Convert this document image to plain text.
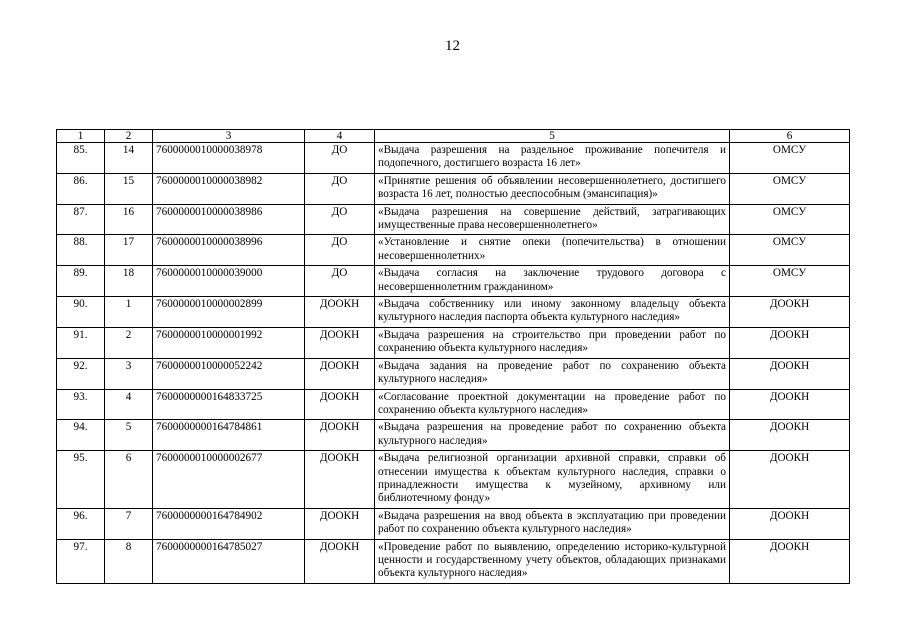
12
1	2	3	4	5	6
85.	14	7600000010000038978	ДО	«Выдача разрешения на раздельное проживание попечителя и подопечного, достигшего возраста 16 лет»	ОМСУ
86.	15	7600000010000038982	ДО	«Принятие решения об объявлении несовершеннолетнего, достигшего возраста 16 лет, полностью дееспособным (эмансипация)»	ОМСУ
87.	16	7600000010000038986	ДО	«Выдача разрешения на совершение действий, затрагивающих имущественные права несовершеннолетнего»	ОМСУ
88.	17	7600000010000038996	ДО	«Установление и снятие опеки (попечительства) в отношении несовершеннолетних»	ОМСУ
89.	18	7600000010000039000	ДО	«Выдача согласия на заключение трудового договора с несовершеннолетним гражданином»	ОМСУ
90.	1	7600000010000002899	ДООКН	«Выдача собственнику или иному законному владельцу объекта культурного наследия паспорта объекта культурного наследия»	ДООКН
91.	2	7600000010000001992	ДООКН	«Выдача разрешения на строительство при проведении работ по сохранению объекта культурного наследия»	ДООКН
92.	3	7600000010000052242	ДООКН	«Выдача задания на проведение работ по сохранению объекта культурного наследия»	ДООКН
93.	4	7600000000164833725	ДООКН	«Согласование проектной документации на проведение работ по сохранению объекта культурного наследия»	ДООКН
94.	5	7600000000164784861	ДООКН	«Выдача разрешения на проведение работ по сохранению объекта культурного наследия»	ДООКН
95.	6	7600000010000002677	ДООКН	«Выдача религиозной организации архивной справки, справки об отнесении имущества к объектам культурного наследия, справки о принадлежности имущества к музейному, архивному или библиотечному фонду»	ДООКН
96.	7	7600000000164784902	ДООКН	«Выдача разрешения на ввод объекта в эксплуатацию при проведении работ по сохранению объекта культурного наследия»	ДООКН
97.	8	7600000000164785027	ДООКН	«Проведение работ по выявлению, определению историко-культурной ценности и государственному учету объектов, обладающих признаками объекта культурного наследия»	ДООКН
